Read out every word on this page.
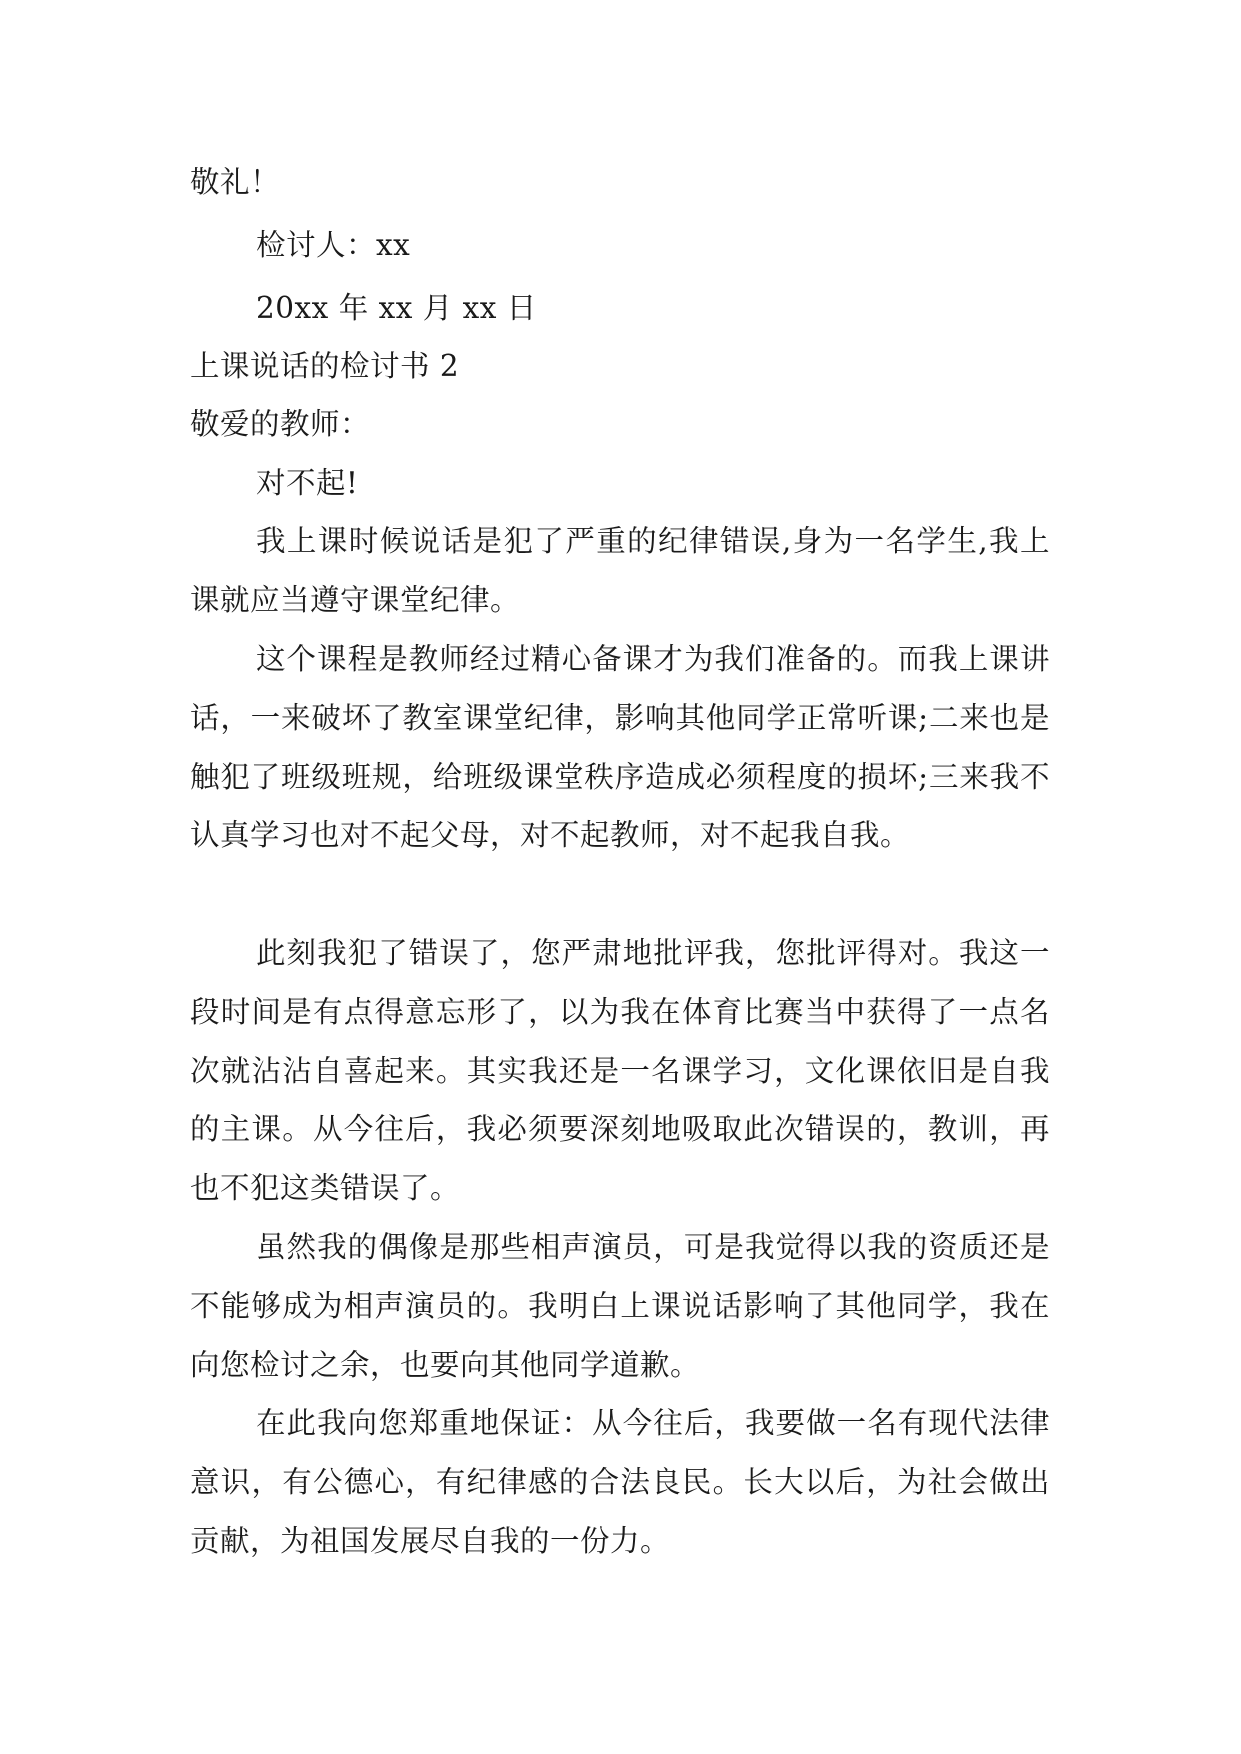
敬礼！
检讨人：xx
20xx 年 xx 月 xx 日
上课说话的检讨书 2
敬爱的教师：
对不起!
我上课时候说话是犯了严重的纪律错误,身为一名学生,我上课就应当遵守课堂纪律。
这个课程是教师经过精心备课才为我们准备的。而我上课讲话，一来破坏了教室课堂纪律，影响其他同学正常听课;二来也是触犯了班级班规，给班级课堂秩序造成必须程度的损坏;三来我不认真学习也对不起父母，对不起教师，对不起我自我。
此刻我犯了错误了，您严肃地批评我，您批评得对。我这一段时间是有点得意忘形了，以为我在体育比赛当中获得了一点名次就沾沾自喜起来。其实我还是一名课学习，文化课依旧是自我的主课。从今往后，我必须要深刻地吸取此次错误的，教训，再也不犯这类错误了。
虽然我的偶像是那些相声演员，可是我觉得以我的资质还是不能够成为相声演员的。我明白上课说话影响了其他同学，我在向您检讨之余，也要向其他同学道歉。
在此我向您郑重地保证：从今往后，我要做一名有现代法律意识，有公德心，有纪律感的合法良民。长大以后，为社会做出贡献，为祖国发展尽自我的一份力。
